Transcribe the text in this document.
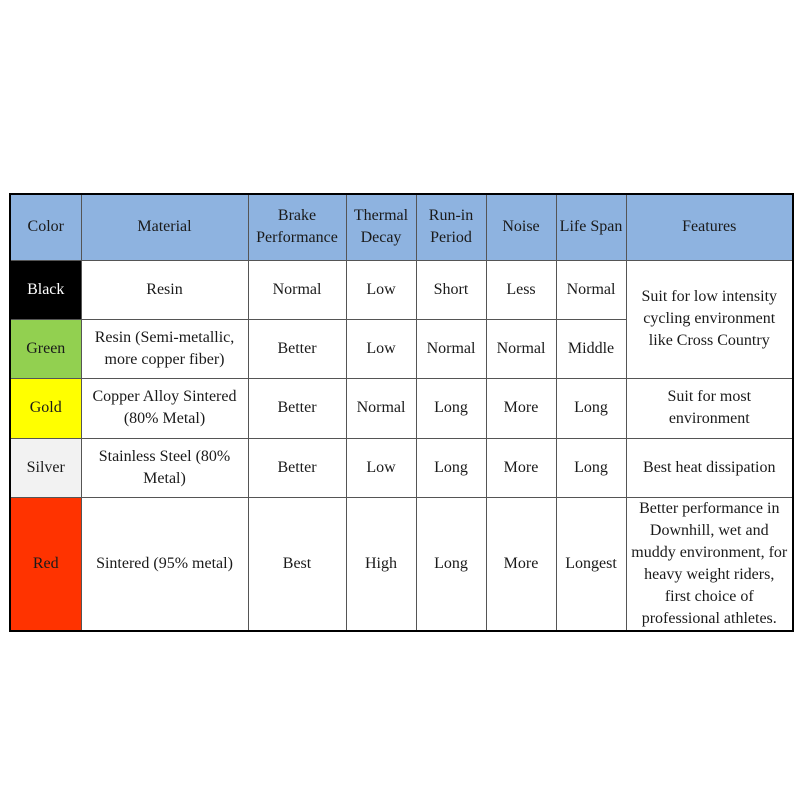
Color	Material	Brake Performance	Thermal Decay	Run-in Period	Noise	Life Span	Features
Black	Resin	Normal	Low	Short	Less	Normal	Suit for low intensity cycling environment like Cross Country
Green	Resin (Semi-metallic, more copper fiber)	Better	Low	Normal	Normal	Middle	
Gold	Copper Alloy Sintered (80% Metal)	Better	Normal	Long	More	Long	Suit for most environment
Silver	Stainless Steel (80% Metal)	Better	Low	Long	More	Long	Best heat dissipation
Red	Sintered (95% metal)	Best	High	Long	More	Longest	Better performance in Downhill, wet and muddy environment, for heavy weight riders, first choice of professional athletes.
